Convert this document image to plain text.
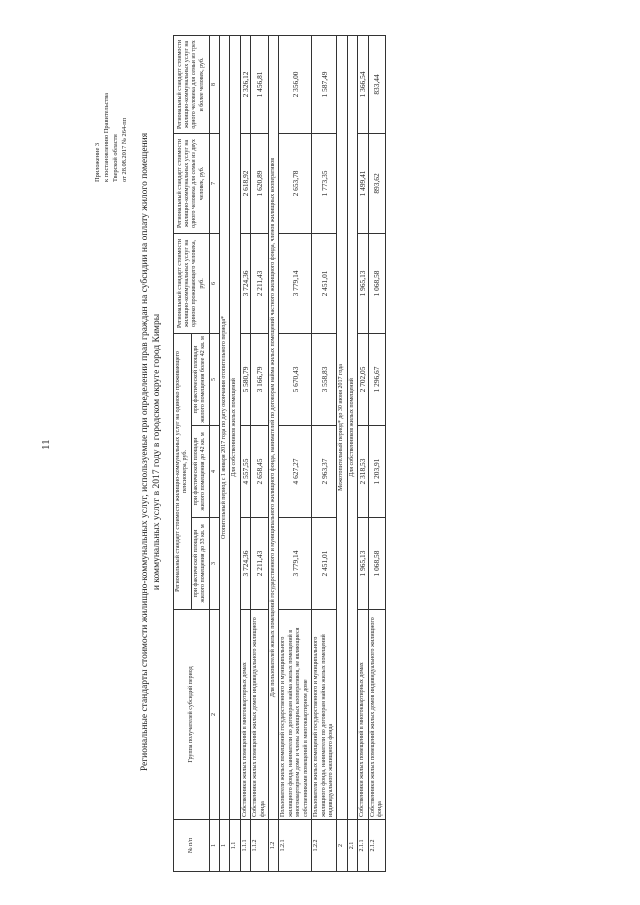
11
Приложение 3 к постановлению Правительства Тверской области от 28.08.2017 № 264-пп Региональные стандарты стоимости жилищно-коммунальных услуг, используемые при определении прав граждан на субсидии на оплату жилого помещения и коммунальных услуг в 2017 году в городском округе город Кимры
№ п/п	Группа получателей субсидий период	Региональный стандарт стоимости жилищно-коммунальных услуг на одиноко проживающего пенсионера, руб.			Региональный стандарт стоимости жилищно-коммунальных услуг на одиноко проживающего человека, руб.	Региональный стандарт стоимости жилищно-коммунальных услуг на одного человека для семьи из двух человек, руб.	Региональный стандарт стоимости жилищно-коммунальных услуг на одного человека для семьи из трех и более человек, руб.
		при фактической площади жилого помещения до 33 кв. м	при фактической площади жилого помещения до 42 кв. м	при фактической площади жилого помещения более 42 кв. м			
1	2	3	4	5	6	7	8
1	Отопительный период с 1 января 2017 года по дату окончания отопительного периода*						
1.1	Для собственников жилых помещений						
1.1.1	Собственники жилых помещений в многоквартирных домах	3 724,36	4 557,55	5 580,79	3 724,36	2 618,92	2 326,12
1.1.2	Собственники жилых помещений жилых домов индивидуального жилищного фонда	2 211,43	2 658,45	3 166,79	2 211,43	1 620,89	1 456,81
1.2	Для пользователей жилых помещений государственного и муниципального жилищного фонда, нанимателей по договорам найма жилых помещений частного жилищного фонда, членов жилищных кооперативов						
1.2.1	Пользователи жилых помещений государственного и муниципального жилищного фонда, наниматели по договорам найма жилых помещений в многоквартирном доме и члены жилищных кооперативов, не являющиеся собственниками помещений в многоквартирном доме	3 779,14	4 627,27	5 670,43	3 779,14	2 653,78	2 356,00
1.2.2	Пользователи жилых помещений государственного и муниципального жилищного фонда, наниматели по договорам найма жилых помещений индивидуального жилищного фонда	2 451,01	2 963,37	3 558,83	2 451,01	1 773,35	1 587,49
2	Межотопительный период* до 30 июня 2017 года						
2.1	Для собственников жилых помещений						
2.1.1	Собственники жилых помещений в многоквартирных домах	1 965,13	2 318,53	2 702,05	1 965,13	1 499,41	1 366,54
2.1.2	Собственники жилых помещений жилых домов индивидуального жилищного фонда	1 068,58	1 203,91	1 296,67	1 068,58	893,62	833,44
